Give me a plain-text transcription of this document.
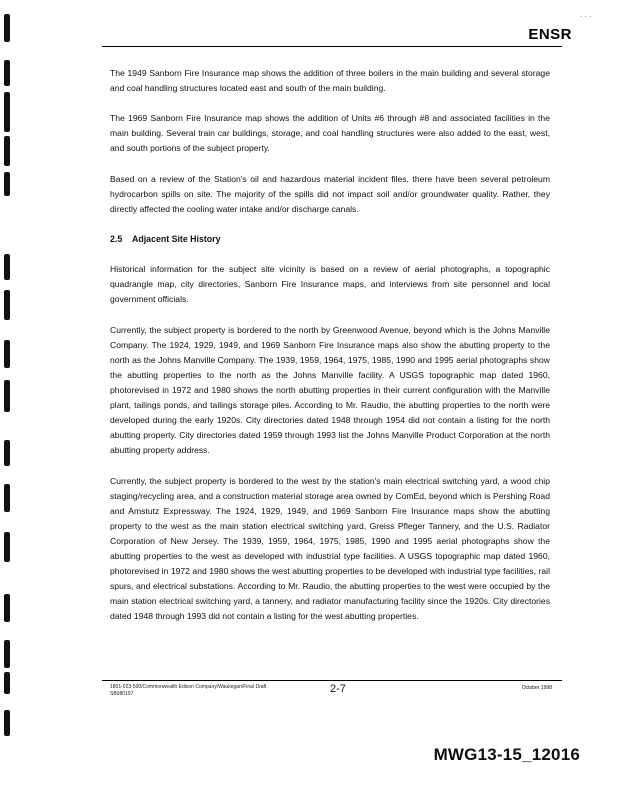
· · ·
ENSR

The 1949 Sanborn Fire Insurance map shows the addition of three boilers in the main building and several storage and coal handling structures located east and south of the main building.

The 1969 Sanborn Fire Insurance map shows the addition of Units #6 through #8 and associated facilities in the main building. Several train car buildings, storage, and coal handling structures were also added to the east, west, and south portions of the subject property.

Based on a review of the Station's oil and hazardous material incident files, there have been several petroleum hydrocarbon spills on site. The majority of the spills did not impact soil and/or groundwater quality. Rather, they directly affected the cooling water intake and/or discharge canals.

2.5 Adjacent Site History

Historical information for the subject site vicinity is based on a review of aerial photographs, a topographic quadrangle map, city directories, Sanborn Fire Insurance maps, and interviews from site personnel and local government officials.

Currently, the subject property is bordered to the north by Greenwood Avenue, beyond which is the Johns Manville Company. The 1924, 1929, 1949, and 1969 Sanborn Fire Insurance maps also show the abutting property to the north as the Johns Manville Company. The 1939, 1959, 1964, 1975, 1985, 1990 and 1995 aerial photographs show the abutting properties to the north as the Johns Manville facility. A USGS topographic map dated 1960, photorevised in 1972 and 1980 shows the north abutting properties in their current configuration with the Manville plant, tailings ponds, and tailings storage piles. According to Mr. Raudio, the abutting properties to the north were developed during the early 1920s. City directories dated 1948 through 1954 did not contain a listing for the north abutting property. City directories dated 1959 through 1993 list the Johns Manville Product Corporation at the north abutting property address.

Currently, the subject property is bordered to the west by the station's main electrical switching yard, a wood chip staging/recycling area, and a construction material storage area owned by ComEd, beyond which is Pershing Road and Amstutz Expressway. The 1924, 1929, 1949, and 1969 Sanborn Fire Insurance maps show the abutting property to the west as the main station electrical switching yard, Greiss Pfleger Tannery, and the U.S. Radiator Corporation of New Jersey. The 1939, 1959, 1964, 1975, 1985, 1990 and 1995 aerial photographs show the abutting properties to the west as developed with industrial type facilities. A USGS topographic map dated 1960, photorevised in 1972 and 1980 shows the west abutting properties to be developed with industrial type facilities, rail spurs, and electrical substations. According to Mr. Raudio, the abutting properties to the west were occupied by the main station electrical switching yard, a tannery, and radiator manufacturing facility since the 1920s. City directories dated 1948 through 1993 did not contain a listing for the west abutting properties.

1801-023-500/Commonwealth Edison Company/Waukegan/Final Draft
SB080197	2-7	October 1998
MWG13-15_12016
